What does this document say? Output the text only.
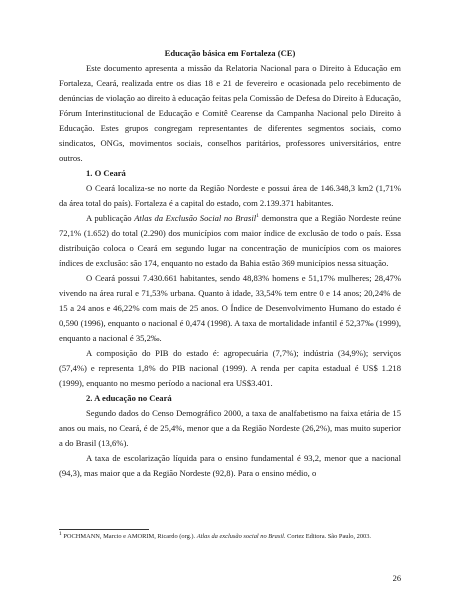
Educação básica em Fortaleza (CE)

Este documento apresenta a missão da Relatoria Nacional para o Direito à Educação em Fortaleza, Ceará, realizada entre os dias 18 e 21 de fevereiro e ocasionada pelo recebimento de denúncias de violação ao direito à educação feitas pela Comissão de Defesa do Direito à Educação, Fórum Interinstitucional de Educação e Comitê Cearense da Campanha Nacional pelo Direito à Educação. Estes grupos congregam representantes de diferentes segmentos sociais, como sindicatos, ONGs, movimentos sociais, conselhos paritários, professores universitários, entre outros.

1. O Ceará

O Ceará localiza-se no norte da Região Nordeste e possui área de 146.348,3 km2 (1,71% da área total do país). Fortaleza é a capital do estado, com 2.139.371 habitantes.

A publicação Atlas da Exclusão Social no Brasil$^1$ demonstra que a Região Nordeste reúne 72,1% (1.652) do total (2.290) dos municípios com maior índice de exclusão de todo o país. Essa distribuição coloca o Ceará em segundo lugar na concentração de municípios com os maiores índices de exclusão: são 174, enquanto no estado da Bahia estão 369 municípios nessa situação.

O Ceará possui 7.430.661 habitantes, sendo 48,83% homens e 51,17% mulheres; 28,47% vivendo na área rural e 71,53% urbana. Quanto à idade, 33,54% tem entre 0 e 14 anos; 20,24% de 15 a 24 anos e 46,22% com mais de 25 anos. O Índice de Desenvolvimento Humano do estado é 0,590 (1996), enquanto o nacional é 0,474 (1998). A taxa de mortalidade infantil é 52,37‰ (1999), enquanto a nacional é 35,2‰.

A composição do PIB do estado é: agropecuária (7,7%); indústria (34,9%); serviços (57,4%) e representa 1,8% do PIB nacional (1999). A renda per capita estadual é US$ 1.218 (1999), enquanto no mesmo período a nacional era US$3.401.

2. A educação no Ceará

Segundo dados do Censo Demográfico 2000, a taxa de analfabetismo na faixa etária de 15 anos ou mais, no Ceará, é de 25,4%, menor que a da Região Nordeste (26,2%), mas muito superior a do Brasil (13,6%).

A taxa de escolarização líquida para o ensino fundamental é 93,2, menor que a nacional (94,3), mas maior que a da Região Nordeste (92,8). Para o ensino médio, o

1 POCHMANN, Marcio e AMORIM, Ricardo (org.). Atlas da exclusão social no Brasil. Cortez Editora. São Paulo, 2003.
26
